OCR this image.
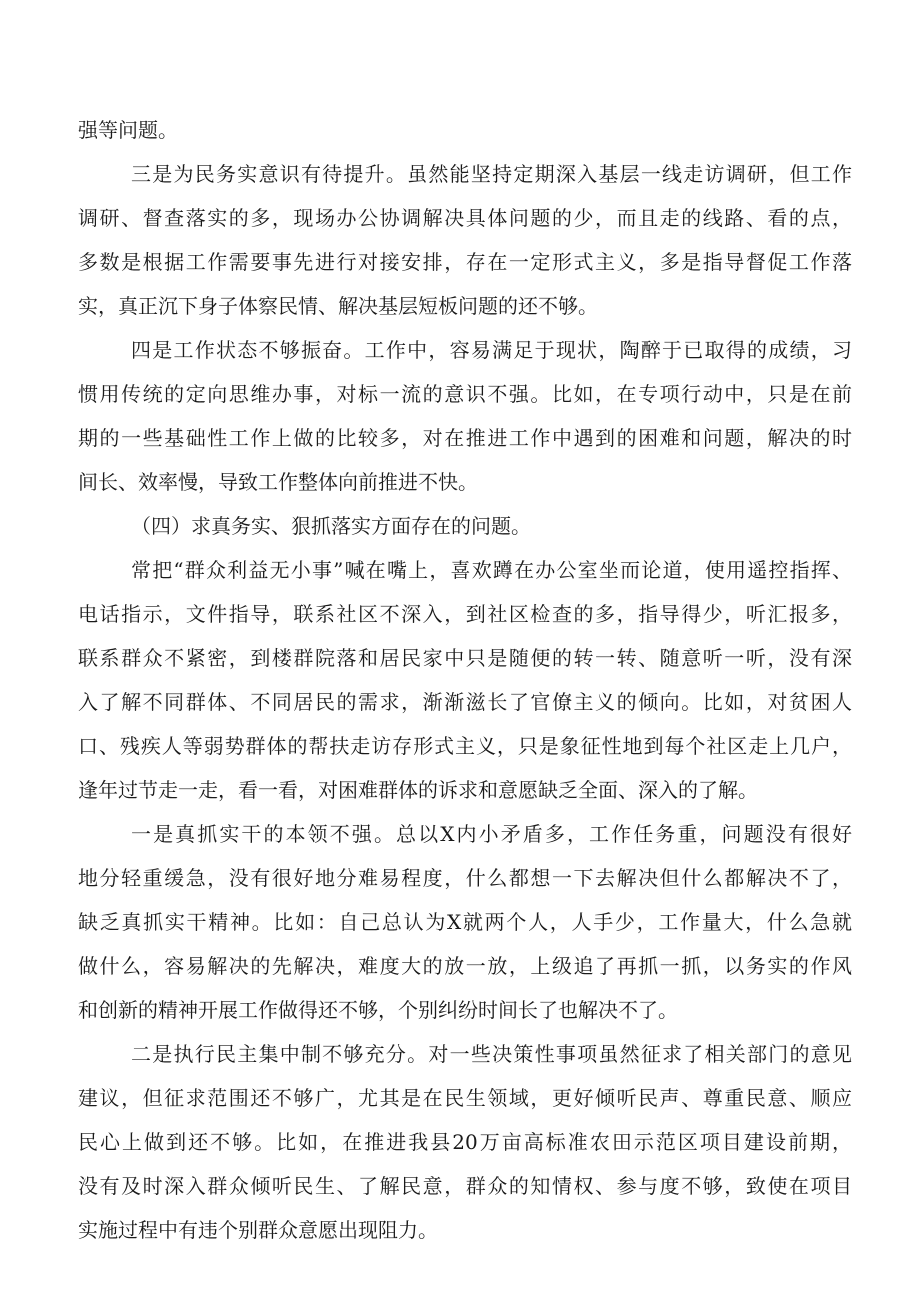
强等问题。
三是为民务实意识有待提升。虽然能坚持定期深入基层一线走访调研，但工作
调研、督查落实的多，现场办公协调解决具体问题的少，而且走的线路、看的点，
多数是根据工作需要事先进行对接安排，存在一定形式主义，多是指导督促工作落
实，真正沉下身子体察民情、解决基层短板问题的还不够。
四是工作状态不够振奋。工作中，容易满足于现状，陶醉于已取得的成绩，习
惯用传统的定向思维办事，对标一流的意识不强。比如，在专项行动中，只是在前
期的一些基础性工作上做的比较多，对在推进工作中遇到的困难和问题，解决的时
间长、效率慢，导致工作整体向前推进不快。
（四）求真务实、狠抓落实方面存在的问题。
常把“群众利益无小事”喊在嘴上，喜欢蹲在办公室坐而论道，使用遥控指挥、
电话指示，文件指导，联系社区不深入，到社区检查的多，指导得少，听汇报多，
联系群众不紧密，到楼群院落和居民家中只是随便的转一转、随意听一听，没有深
入了解不同群体、不同居民的需求，渐渐滋长了官僚主义的倾向。比如，对贫困人
口、残疾人等弱势群体的帮扶走访存形式主义，只是象征性地到每个社区走上几户，
逢年过节走一走，看一看，对困难群体的诉求和意愿缺乏全面、深入的了解。
一是真抓实干的本领不强。总以X内小矛盾多，工作任务重，问题没有很好
地分轻重缓急，没有很好地分难易程度，什么都想一下去解决但什么都解决不了，
缺乏真抓实干精神。比如：自己总认为X就两个人，人手少，工作量大，什么急就
做什么，容易解决的先解决，难度大的放一放，上级追了再抓一抓，以务实的作风
和创新的精神开展工作做得还不够，个别纠纷时间长了也解决不了。
二是执行民主集中制不够充分。对一些决策性事项虽然征求了相关部门的意见
建议，但征求范围还不够广，尤其是在民生领域，更好倾听民声、尊重民意、顺应
民心上做到还不够。比如，在推进我县20万亩高标准农田示范区项目建设前期，
没有及时深入群众倾听民生、了解民意，群众的知情权、参与度不够，致使在项目
实施过程中有违个别群众意愿出现阻力。
